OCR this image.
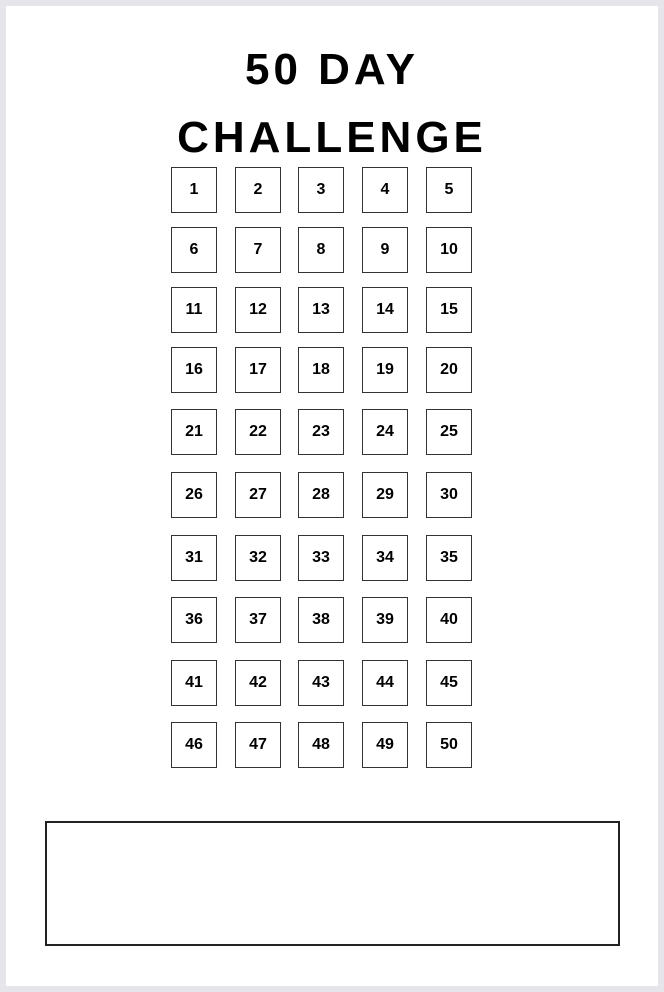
50 DAY
CHALLENGE
1	2	3	4	5
6	7	8	9	10
11	12	13	14	15
16	17	18	19	20
21	22	23	24	25
26	27	28	29	30
31	32	33	34	35
36	37	38	39	40
41	42	43	44	45
46	47	48	49	50
